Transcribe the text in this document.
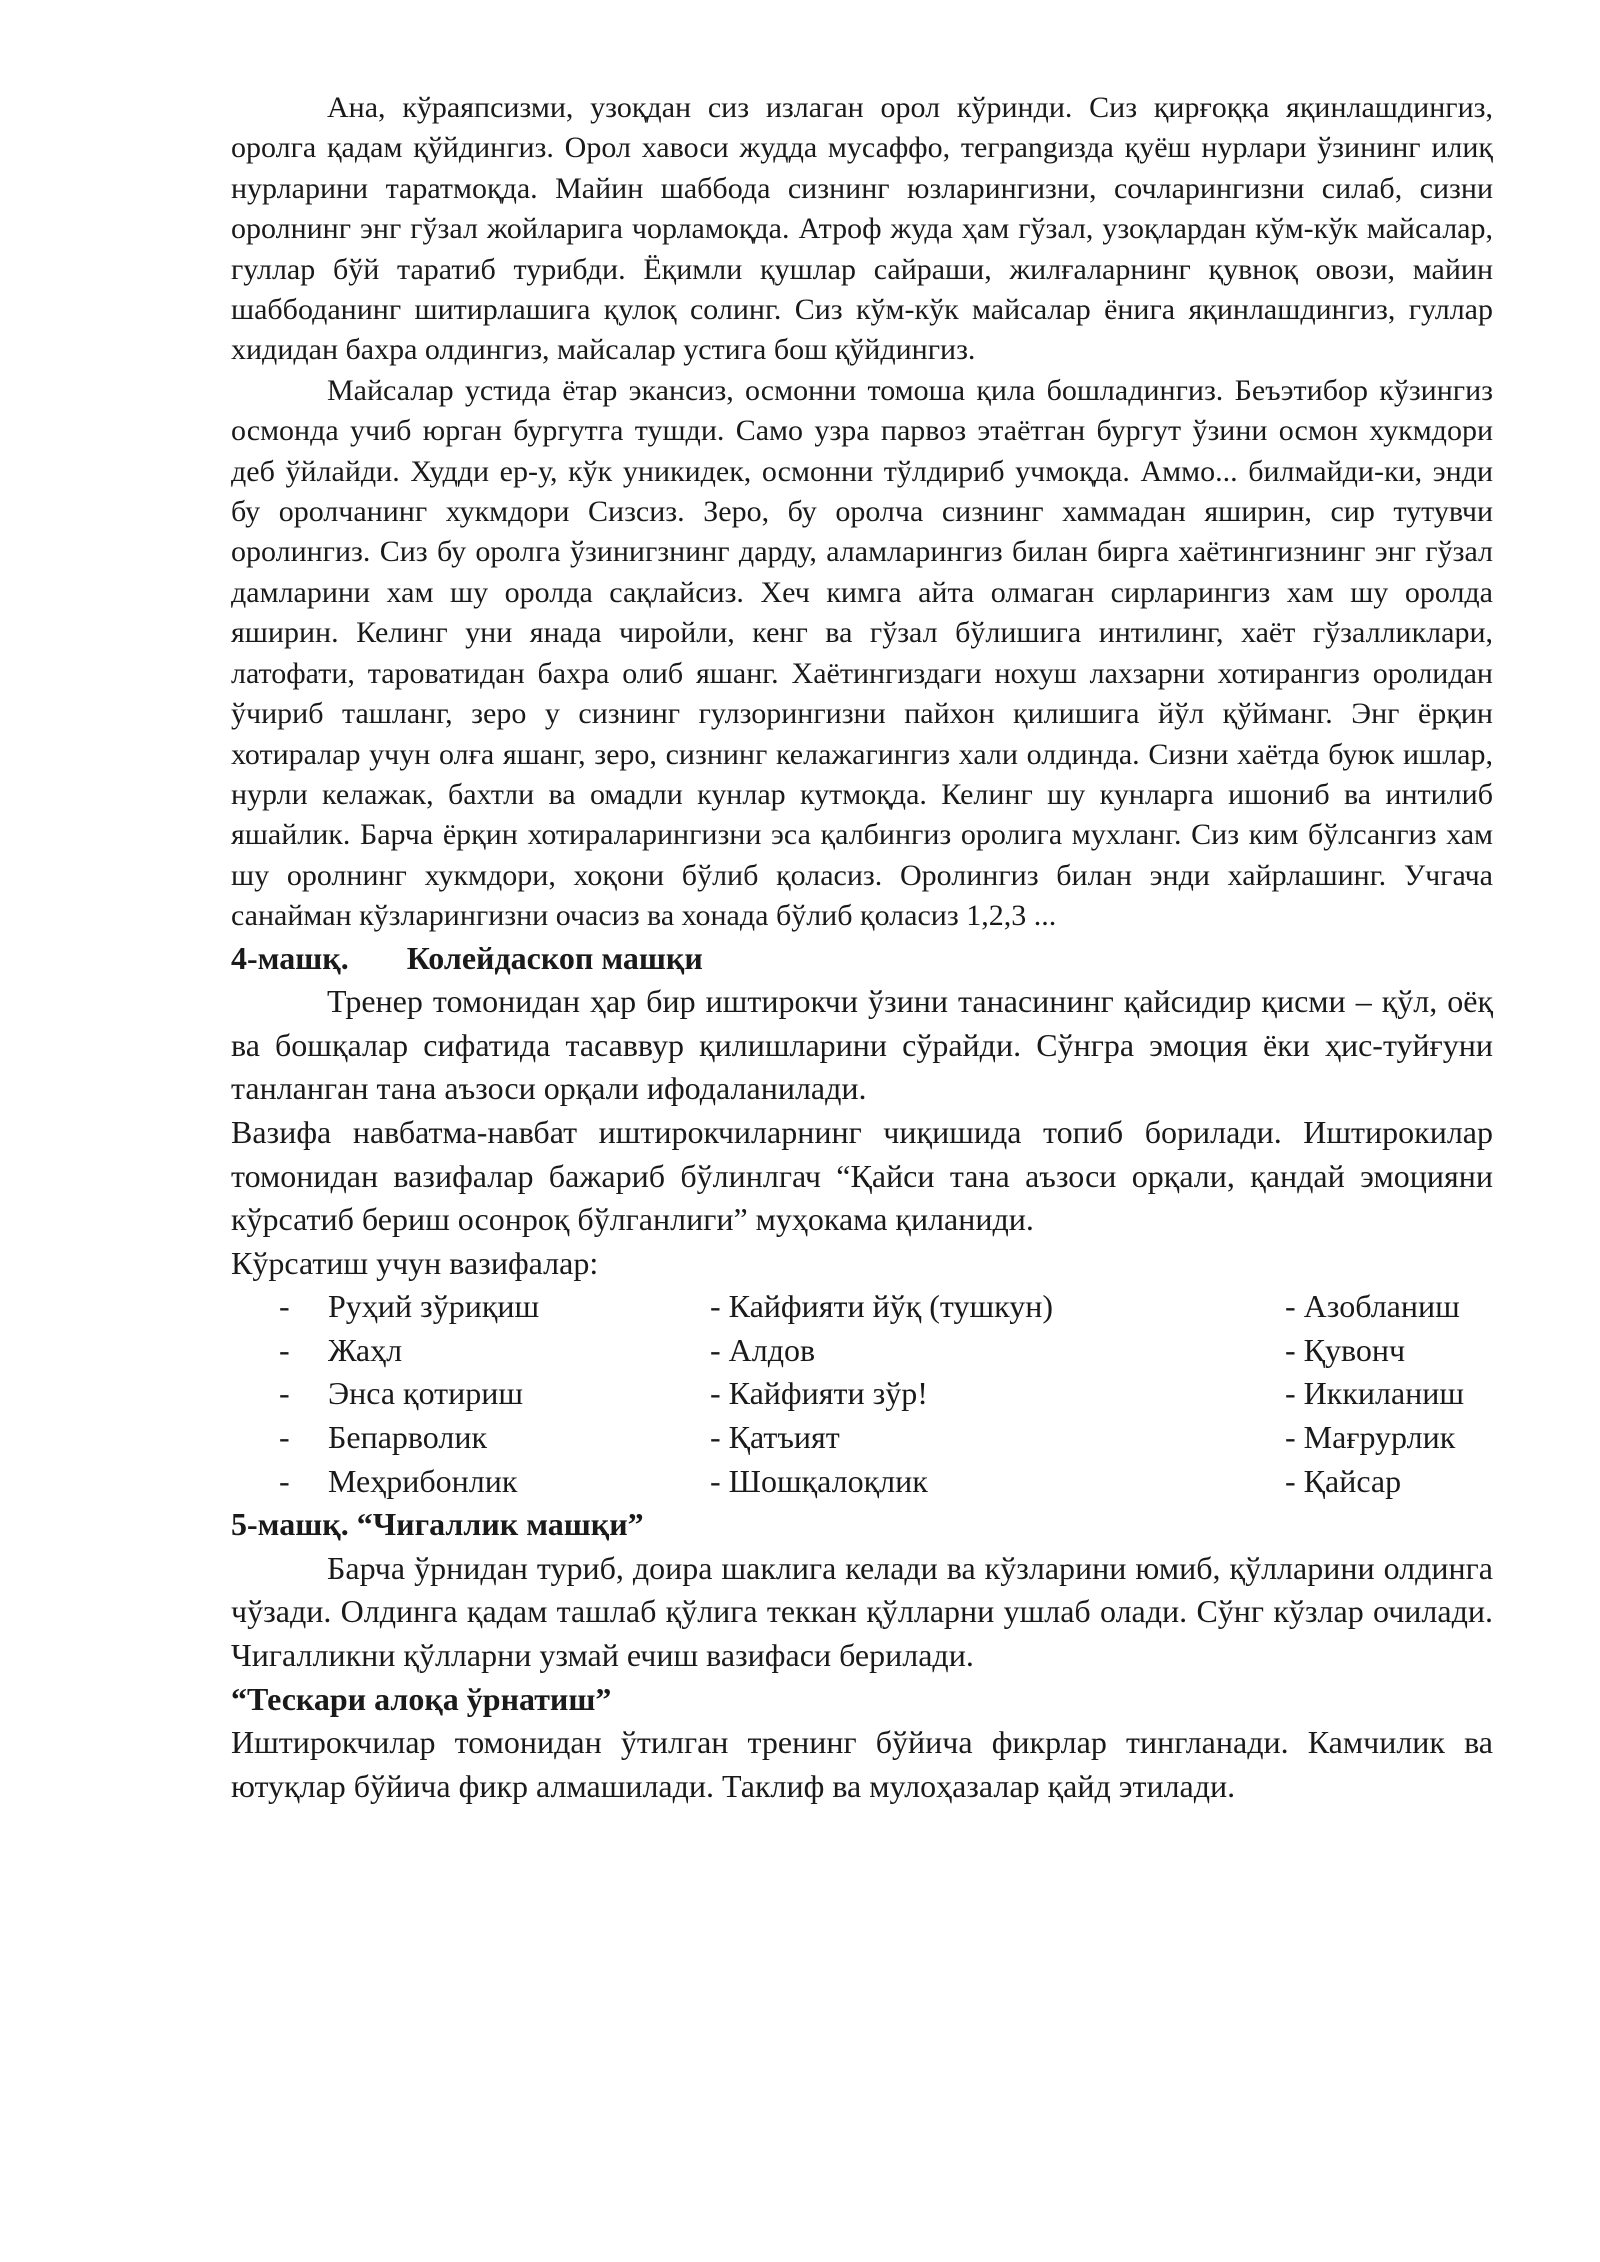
Ана, кўраяпсизми, узоқдан сиз излаган орол кўринди. Сиз қирғоққа яқинлашдингиз, оролга қадам қўйдингиз. Орол хавоси жудда мусаффо, теграngизда қуёш нурлари ўзининг илиқ нурларини таратмоқда. Майин шаббода сизнинг юзларингизни, сочларингизни силаб, сизни оролнинг энг гўзал жойларига чорламоқда. Атроф жуда ҳам гўзал, узоқлардан кўм-кўк майсалар, гуллар бўй таратиб турибди. Ёқимли қушлар сайраши, жилғаларнинг қувноқ овози, майин шаббоданинг шитирлашига қулоқ солинг. Сиз кўм-кўк майсалар ёнига яқинлашдингиз, гуллар хидидан бахра олдингиз, майсалар устига бош қўйдингиз.

Майсалар устида ётар экансиз, осмонни томоша қила бошладингиз. Беъэтибор кўзингиз осмонда учиб юрган бургутга тушди. Само узра парвоз этаётган бургут ўзини осмон хукмдори деб ўйлайди. Худди ер-у, кўк уникидек, осмонни тўлдириб учмоқда. Аммо... билмайди-ки, энди бу оролчанинг хукмдори Сизсиз. Зеро, бу оролча сизнинг хаммадан яширин, сир тутувчи оролингиз. Сиз бу оролга ўзинигзнинг дарду, аламларингиз билан бирга хаётингизнинг энг гўзал дамларини хам шу оролда сақлайсиз. Хеч кимга айта олмаган сирларингиз хам шу оролда яширин. Келинг уни янада чиройли, кенг ва гўзал бўлишига интилинг, хаёт гўзалликлари, латофати, тароватидан бахра олиб яшанг. Хаётингиздаги нохуш лахзарни хотирангиз оролидан ўчириб ташланг, зеро у сизнинг гулзорингизни пайхон қилишига йўл қўйманг. Энг ёрқин хотиралар учун олға яшанг, зеро, сизнинг келажагингиз хали олдинда. Сизни хаётда буюк ишлар, нурли келажак, бахтли ва омадли кунлар кутмоқда. Келинг шу кунларга ишониб ва интилиб яшайлик. Барча ёрқин хотираларингизни эса қалбингиз оролига мухланг. Сиз ким бўлсангиз хам шу оролнинг хукмдори, хоқони бўлиб қоласиз. Оролингиз билан энди хайрлашинг. Учгача санайман кўзларингизни очасиз ва хонада бўлиб қоласиз 1,2,3 ...

4-машқ. Колейдаскоп машқи

Тренер томонидан ҳар бир иштирокчи ўзини танасининг қайсидир қисми – қўл, оёқ ва бошқалар сифатида тасаввур қилишларини сўрайди. Сўнгра эмоция ёки ҳис-туйғуни танланган тана аъзоси орқали ифодаланилади.

Вазифа навбатма-навбат иштирокчиларнинг чиқишида топиб борилади. Иштирокилар томонидан вазифалар бажариб бўлинлгач “Қайси тана аъзоси орқали, қандай эмоцияни кўрсатиб бериш осонроқ бўлганлиги” муҳокама қиланиди.

Кўрсатиш учун вазифалар:

-	Руҳий зўриқиш	- Кайфияти йўқ (тушкун)	- Азобланиш
-	Жаҳл	- Алдов	- Қувонч
-	Энса қотириш	- Кайфияти зўр!	- Иккиланиш
-	Бепарволик	- Қатъият	- Мағрурлик
-	Меҳрибонлик	- Шошқалоқлик	- Қайсар

5-машқ. “Чигаллик машқи”

Барча ўрнидан туриб, доира шаклига келади ва кўзларини юмиб, қўлларини олдинга чўзади. Олдинга қадам ташлаб қўлига теккан қўлларни ушлаб олади. Сўнг кўзлар очилади. Чигалликни қўлларни узмай ечиш вазифаси берилади.

“Тескари алоқа ўрнатиш”

Иштирокчилар томонидан ўтилган тренинг бўйича фикрлар тингланади. Камчилик ва ютуқлар бўйича фикр алмашилади. Таклиф ва мулоҳазалар қайд этилади.
